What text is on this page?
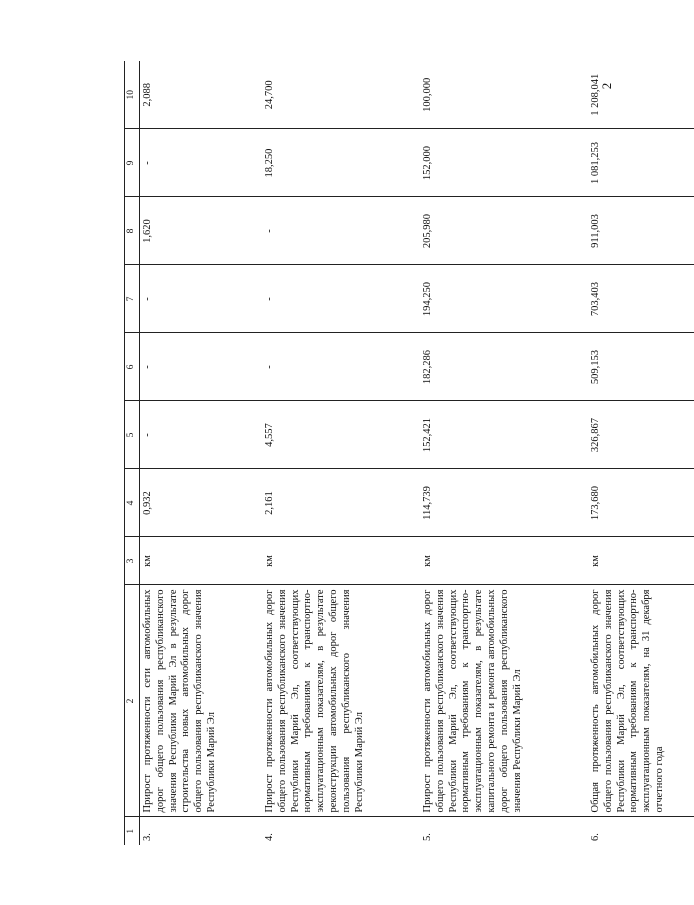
2
1	2	3	4	5	6	7	8	9	10
3.	Прирост протяженности сети автомобильных дорог общего пользования республиканского значения Республики Марий Эл в результате строительства новых автомобильных дорог общего пользования республиканского значения Республики Марий Эл	км	0,932	-	-	-	1,620	-	2,088
4.	Прирост протяженности автомобильных дорог общего пользования республиканского значения Республики Марий Эл, соответствующих нормативным требованиям к транспортно-эксплуатационным показателям, в результате реконструкции автомобильных дорог общего пользования республиканского значения Республики Марий Эл	км	2,161	4,557	-	-	-	18,250	24,700
5.	Прирост протяженности автомобильных дорог общего пользования республиканского значения Республики Марий Эл, соответствующих нормативным требованиям к транспортно-эксплуатационным показателям, в результате капитального ремонта и ремонта автомобильных дорог общего пользования республиканского значения Республики Марий Эл	км	114,739	152,421	182,286	194,250	205,980	152,000	100,000
6.	Общая протяженность автомобильных дорог общего пользования республиканского значения Республики Марий Эл, соответствующих нормативным требованиям к транспортно-эксплуатационным показателям, на 31 декабря отчетного года	км	173,680	326,867	509,153	703,403	911,003	1 081,253	1 208,041
